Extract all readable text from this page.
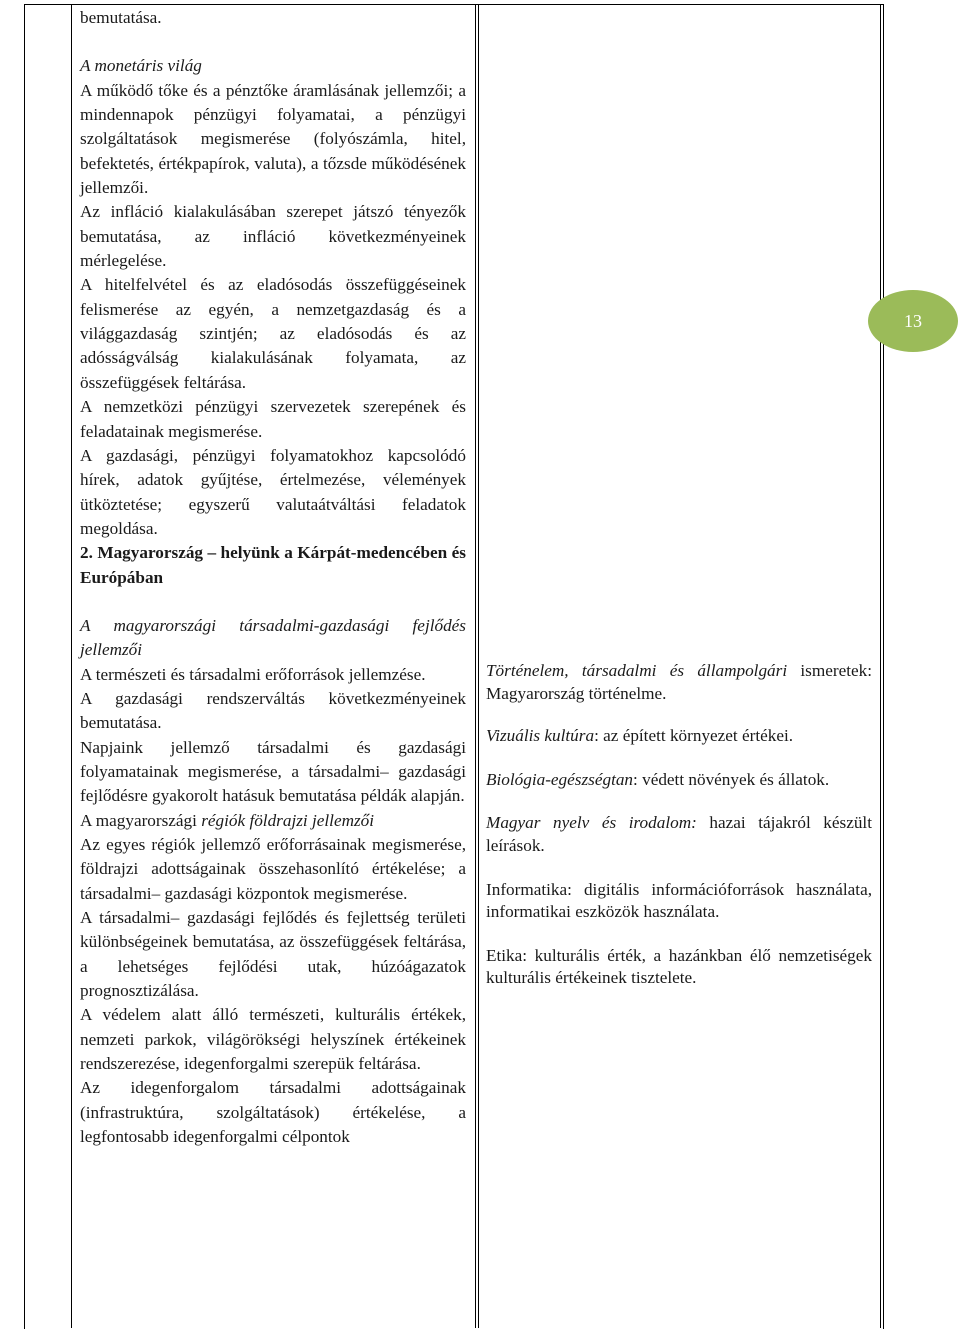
bemutatása.

A monetáris világ

A működő tőke és a pénztőke áramlásának jellemzői; a mindennapok pénzügyi folyamatai, a pénzügyi szolgáltatások megismerése (folyószámla, hitel, befektetés, értékpapírok, valuta), a tőzsde működésének jellemzői.

Az infláció kialakulásában szerepet játszó tényezők bemutatása, az infláció következményeinek mérlegelése.

A hitelfelvétel és az eladósodás összefüggéseinek felismerése az egyén, a nemzetgazdaság és a világgazdaság szintjén; az eladósodás és az adósságválság kialakulásának folyamata, az összefüggések feltárása.

A nemzetközi pénzügyi szervezetek szerepének és feladatainak megismerése.

A gazdasági, pénzügyi folyamatokhoz kapcsolódó hírek, adatok gyűjtése, értelmezése, vélemények ütköztetése; egyszerű valutaátváltási feladatok megoldása.

2. Magyarország – helyünk a Kárpát-medencében és Európában

A magyarországi társadalmi-gazdasági fejlődés jellemzői

A természeti és társadalmi erőforrások jellemzése.

A gazdasági rendszerváltás következményeinek bemutatása.

Napjaink jellemző társadalmi és gazdasági folyamatainak megismerése, a társadalmi– gazdasági fejlődésre gyakorolt hatásuk bemutatása példák alapján.

A magyarországi régiók földrajzi jellemzői

Az egyes régiók jellemző erőforrásainak megismerése, földrajzi adottságainak összehasonlító értékelése; a társadalmi– gazdasági központok megismerése.

A társadalmi– gazdasági fejlődés és fejlettség területi különbségeinek bemutatása, az összefüggések feltárása, a lehetséges fejlődési utak, húzóágazatok prognosztizálása.

A védelem alatt álló természeti, kulturális értékek, nemzeti parkok, világörökségi helyszínek értékeinek rendszerezése, idegenforgalmi szerepük feltárása.

Az idegenforgalom társadalmi adottságainak (infrastruktúra, szolgáltatások) értékelése, a legfontosabb idegenforgalmi célpontok

Történelem, társadalmi és állampolgári ismeretek: Magyarország történelme.

Vizuális kultúra: az épített környezet értékei.

Biológia-egészségtan: védett növények és állatok.

Magyar nyelv és irodalom: hazai tájakról készült leírások.

Informatika: digitális információforrások használata, informatikai eszközök használata.

Etika: kulturális érték, a hazánkban élő nemzetiségek kulturális értékeinek tisztelete.

13
